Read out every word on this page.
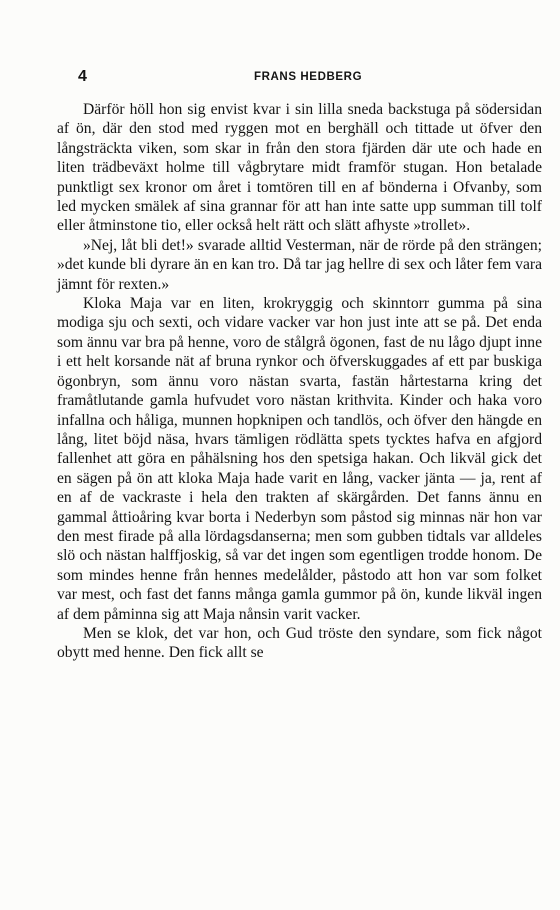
4	FRANS HEDBERG

Därför höll hon sig envist kvar i sin lilla sneda backstuga på södersidan af ön, där den stod med ryggen mot en berghäll och tittade ut öfver den långsträckta viken, som skar in från den stora fjärden där ute och hade en liten trädbeväxt holme till vågbrytare midt framför stugan. Hon betalade punktligt sex kronor om året i tomtören till en af bönderna i Ofvanby, som led mycken smälek af sina grannar för att han inte satte upp summan till tolf eller åtminstone tio, eller också helt rätt och slätt afhyste »trollet».

»Nej, låt bli det!» svarade alltid Vesterman, när de rörde på den strängen; »det kunde bli dyrare än en kan tro. Då tar jag hellre di sex och låter fem vara jämnt för rexten.»

Kloka Maja var en liten, krokryggig och skinntorr gumma på sina modiga sju och sexti, och vidare vacker var hon just inte att se på. Det enda som ännu var bra på henne, voro de stålgrå ögonen, fast de nu lågo djupt inne i ett helt korsande nät af bruna rynkor och öfverskuggades af ett par buskiga ögonbryn, som ännu voro nästan svarta, fastän hårtestarna kring det framåtlutande gamla hufvudet voro nästan krithvita. Kinder och haka voro infallna och håliga, munnen hopknipen och tandlös, och öfver den hängde en lång, litet böjd näsa, hvars tämligen rödlätta spets tycktes hafva en afgjord fallenhet att göra en påhälsning hos den spetsiga hakan. Och likväl gick det en sägen på ön att kloka Maja hade varit en lång, vacker jänta — ja, rent af en af de vackraste i hela den trakten af skärgården. Det fanns ännu en gammal åttioåring kvar borta i Nederbyn som påstod sig minnas när hon var den mest firade på alla lördagsdanserna; men som gubben tidtals var alldeles slö och nästan halffjoskig, så var det ingen som egentligen trodde honom. De som mindes henne från hennes medelålder, påstodo att hon var som folket var mest, och fast det fanns många gamla gummor på ön, kunde likväl ingen af dem påminna sig att Maja nånsin varit vacker.

Men se klok, det var hon, och Gud tröste den syndare, som fick något obytt med henne. Den fick allt se
